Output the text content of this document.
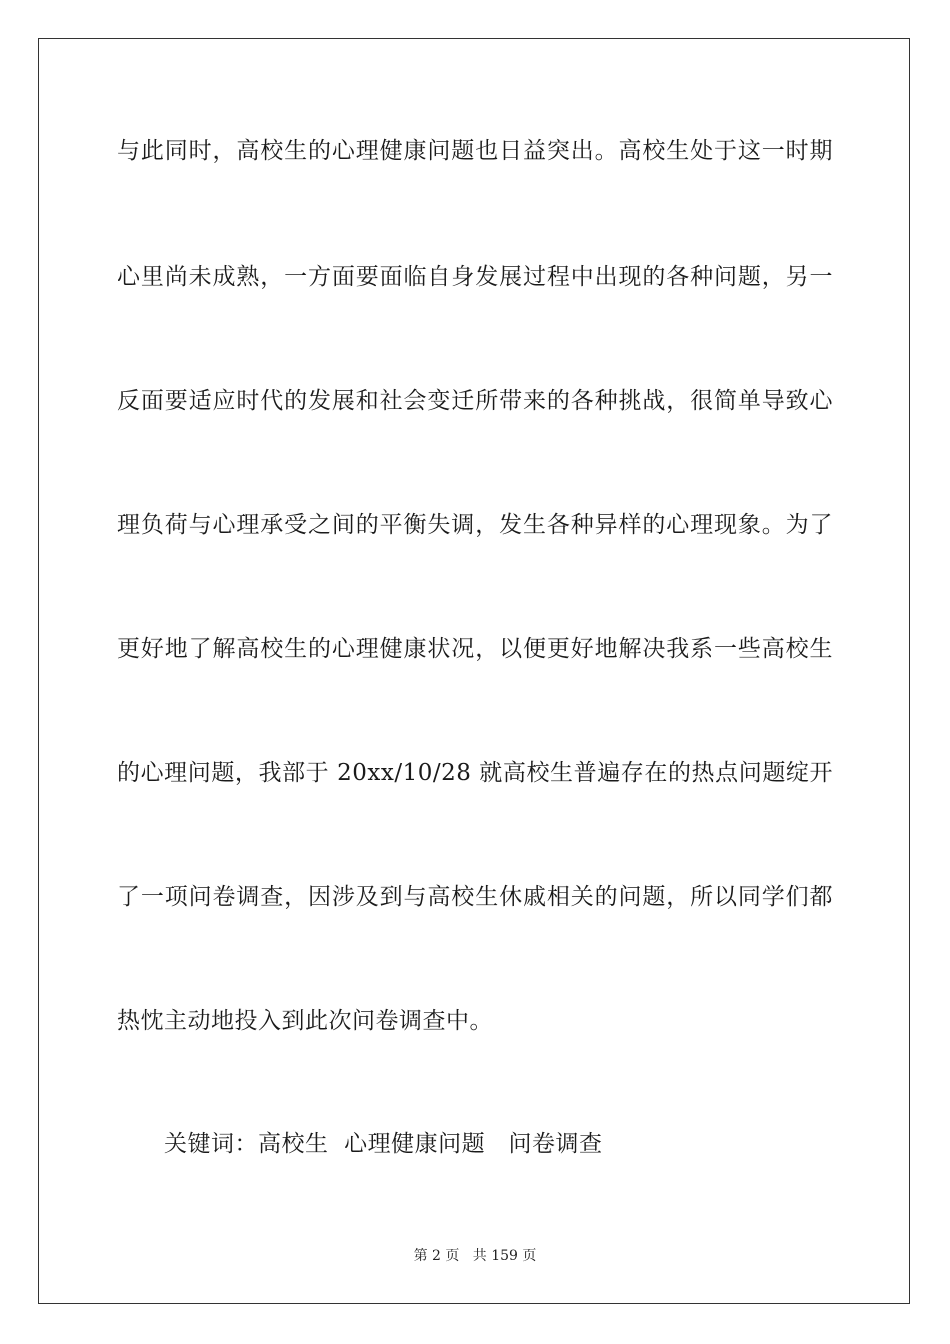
与此同时，高校生的心理健康问题也日益突出。高校生处于这一时期
心里尚未成熟，一方面要面临自身发展过程中出现的各种问题，另一
反面要适应时代的发展和社会变迁所带来的各种挑战，很简单导致心
理负荷与心理承受之间的平衡失调，发生各种异样的心理现象。为了
更好地了解高校生的心理健康状况，以便更好地解决我系一些高校生
的心理问题，我部于 20xx/10/28 就高校生普遍存在的热点问题绽开
了一项问卷调查，因涉及到与高校生休戚相关的问题，所以同学们都
热忱主动地投入到此次问卷调查中。
关键词：高校生  心理健康问题   问卷调查
第 2 页   共 159 页
